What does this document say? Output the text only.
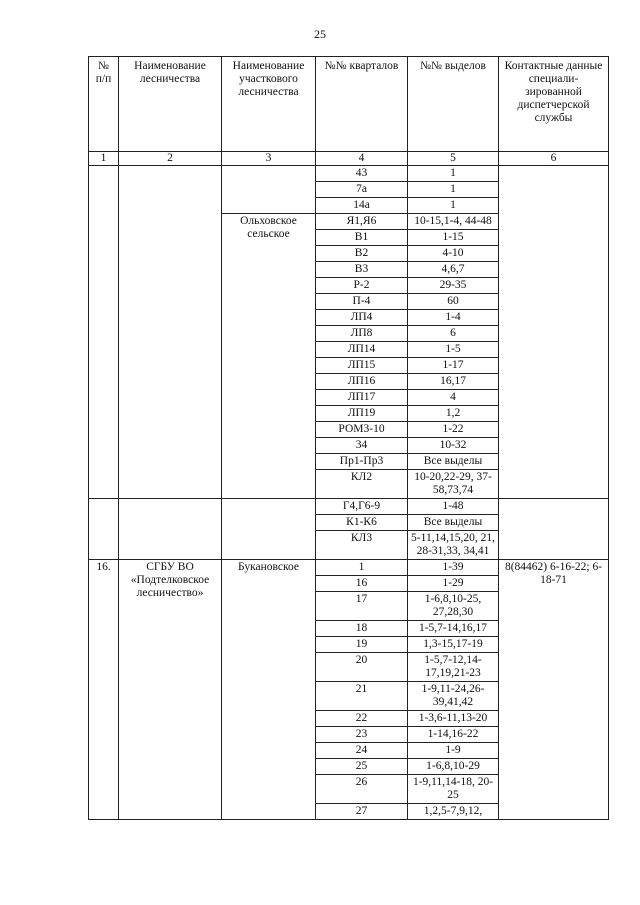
25
№ п/п	Наименование лесничества	Наименование участкового лесничества	№№ кварталов	№№ выделов	Контактные данные специали-зированной диспетчерской службы
1	2	3	4	5	6
			43	1	
			7а	1	
			14а	1	
		Ольховское сельское	Я1,Я6	10-15,1-4, 44-48	
			В1	1-15	
			В2	4-10	
			В3	4,6,7	
			Р-2	29-35	
			П-4	60	
			ЛП4	1-4	
			ЛП8	6	
			ЛП14	1-5	
			ЛП15	1-17	
			ЛП16	16,17	
			ЛП17	4	
			ЛП19	1,2	
			РОМ3-10	1-22	
			34	10-32	
			Пр1-Пр3	Все выделы	
			КЛ2	10-20,22-29, 37-58,73,74	
			Г4,Г6-9	1-48	
			К1-К6	Все выделы	
			КЛ3	5-11,14,15,20, 21, 28-31,33, 34,41	
16.	СГБУ ВО «Подтелковское лесничество»	Букановское	1	1-39	8(84462) 6-16-22; 6-18-71
			16	1-29	
			17	1-6,8,10-25, 27,28,30	
			18	1-5,7-14,16,17	
			19	1,3-15,17-19	
			20	1-5,7-12,14-17,19,21-23	
			21	1-9,11-24,26-39,41,42	
			22	1-3,6-11,13-20	
			23	1-14,16-22	
			24	1-9	
			25	1-6,8,10-29	
			26	1-9,11,14-18, 20-25	
			27	1,2,5-7,9,12,	
